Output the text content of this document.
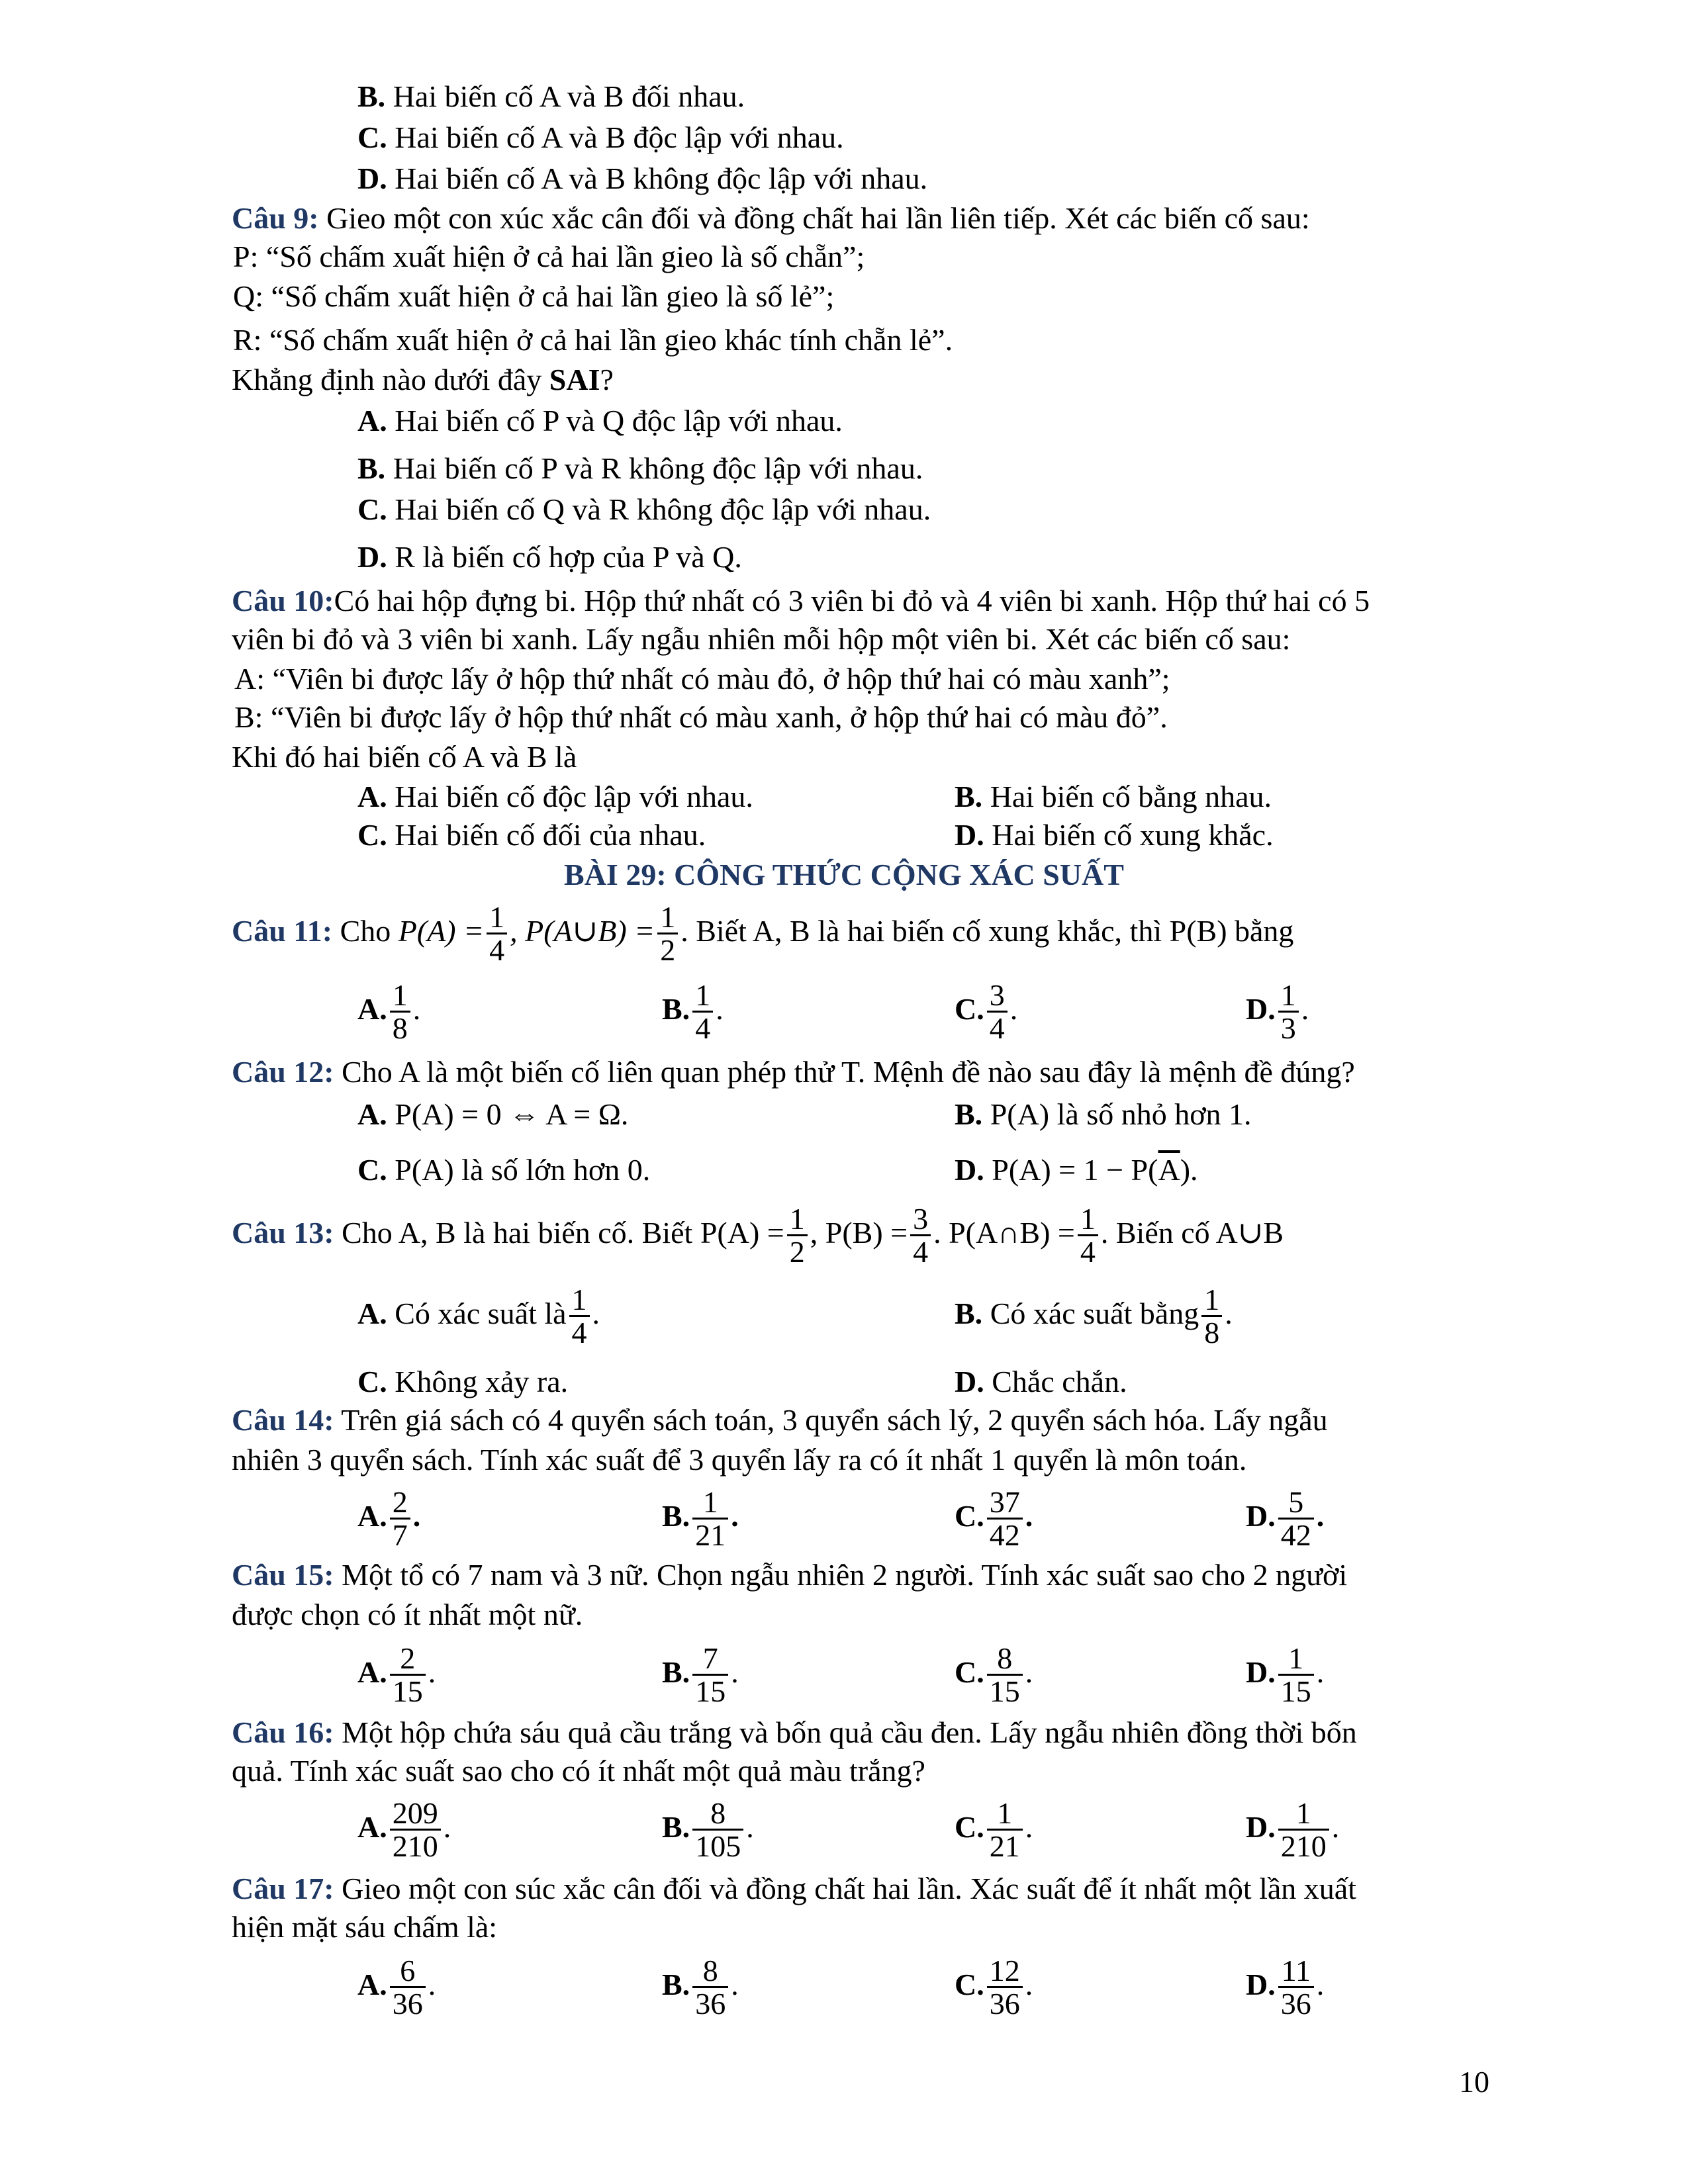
B. Hai biến cố A và B đối nhau.
C. Hai biến cố A và B độc lập với nhau.
D. Hai biến cố A và B không độc lập với nhau.
Câu 9: Gieo một con xúc xắc cân đối và đồng chất hai lần liên tiếp. Xét các biến cố sau:
P: “Số chấm xuất hiện ở cả hai lần gieo là số chẵn”;
Q: “Số chấm xuất hiện ở cả hai lần gieo là số lẻ”;
R: “Số chấm xuất hiện ở cả hai lần gieo khác tính chẵn lẻ”.
Khẳng định nào dưới đây SAI?
A. Hai biến cố P và Q độc lập với nhau.
B. Hai biến cố P và R không độc lập với nhau.
C. Hai biến cố Q và R không độc lập với nhau.
D. R là biến cố hợp của P và Q.
Câu 10:Có hai hộp đựng bi. Hộp thứ nhất có 3 viên bi đỏ và 4 viên bi xanh. Hộp thứ hai có 5
viên bi đỏ và 3 viên bi xanh. Lấy ngẫu nhiên mỗi hộp một viên bi. Xét các biến cố sau:
A: “Viên bi được lấy ở hộp thứ nhất có màu đỏ, ở hộp thứ hai có màu xanh”;
B: “Viên bi được lấy ở hộp thứ nhất có màu xanh, ở hộp thứ hai có màu đỏ”.
Khi đó hai biến cố A và B là
A. Hai biến cố độc lập với nhau.	B. Hai biến cố bằng nhau.
C. Hai biến cố đối của nhau.	D. Hai biến cố xung khắc.
BÀI 29: CÔNG THỨC CỘNG XÁC SUẤT
Câu 11: Cho $P(A) = \frac{1}{4}$ , P(A∪B) = $\frac{1}{2}$ . Biết A, B là hai biến cố xung khắc, thì P(B) bằng
A. $\frac{1}{8}$ .	B. $\frac{1}{4}$ .	C. $\frac{3}{4}$ .	D. $\frac{1}{3}$ .
Câu 12: Cho A là một biến cố liên quan phép thử T. Mệnh đề nào sau đây là mệnh đề đúng?
A. P(A) = 0 ⇔ A = Ω.	B. P(A) là số nhỏ hơn 1.
C. P(A) là số lớn hơn 0.	D. $P(A) = 1 - P(\overline{A})$.
Câu 13: Cho A, B là hai biến cố. Biết $P(A) = \frac{1}{2}$ , $P(B) = \frac{3}{4}$ . P(A∩B) = $\frac{1}{4}$ . Biến cố A∪B
A. Có xác suất là $\frac{1}{4}$ .	B. Có xác suất bằng $\frac{1}{8}$ .
C. Không xảy ra.	D. Chắc chắn.
Câu 14: Trên giá sách có 4 quyển sách toán, 3 quyển sách lý, 2 quyển sách hóa. Lấy ngẫu
nhiên 3 quyển sách. Tính xác suất để 3 quyển lấy ra có ít nhất 1 quyển là môn toán.
A. $\frac{2}{7}$ .	B. $\frac{1}{21}$ .	C. $\frac{37}{42}$ .	D. $\frac{5}{42}$ .
Câu 15: Một tổ có 7 nam và 3 nữ. Chọn ngẫu nhiên 2 người. Tính xác suất sao cho 2 người
được chọn có ít nhất một nữ.
A. $\frac{2}{15}$ .	B. $\frac{7}{15}$ .	C. $\frac{8}{15}$ .	D. $\frac{1}{15}$ .
Câu 16: Một hộp chứa sáu quả cầu trắng và bốn quả cầu đen. Lấy ngẫu nhiên đồng thời bốn
quả. Tính xác suất sao cho có ít nhất một quả màu trắng?
A. $\frac{209}{210}$ .	B. $\frac{8}{105}$ .	C. $\frac{1}{21}$ .	D. $\frac{1}{210}$ .
Câu 17: Gieo một con súc xắc cân đối và đồng chất hai lần. Xác suất để ít nhất một lần xuất
hiện mặt sáu chấm là:
A. $\frac{6}{36}$ .	B. $\frac{8}{36}$ .	C. $\frac{12}{36}$ .	D. $\frac{11}{36}$ .
10
